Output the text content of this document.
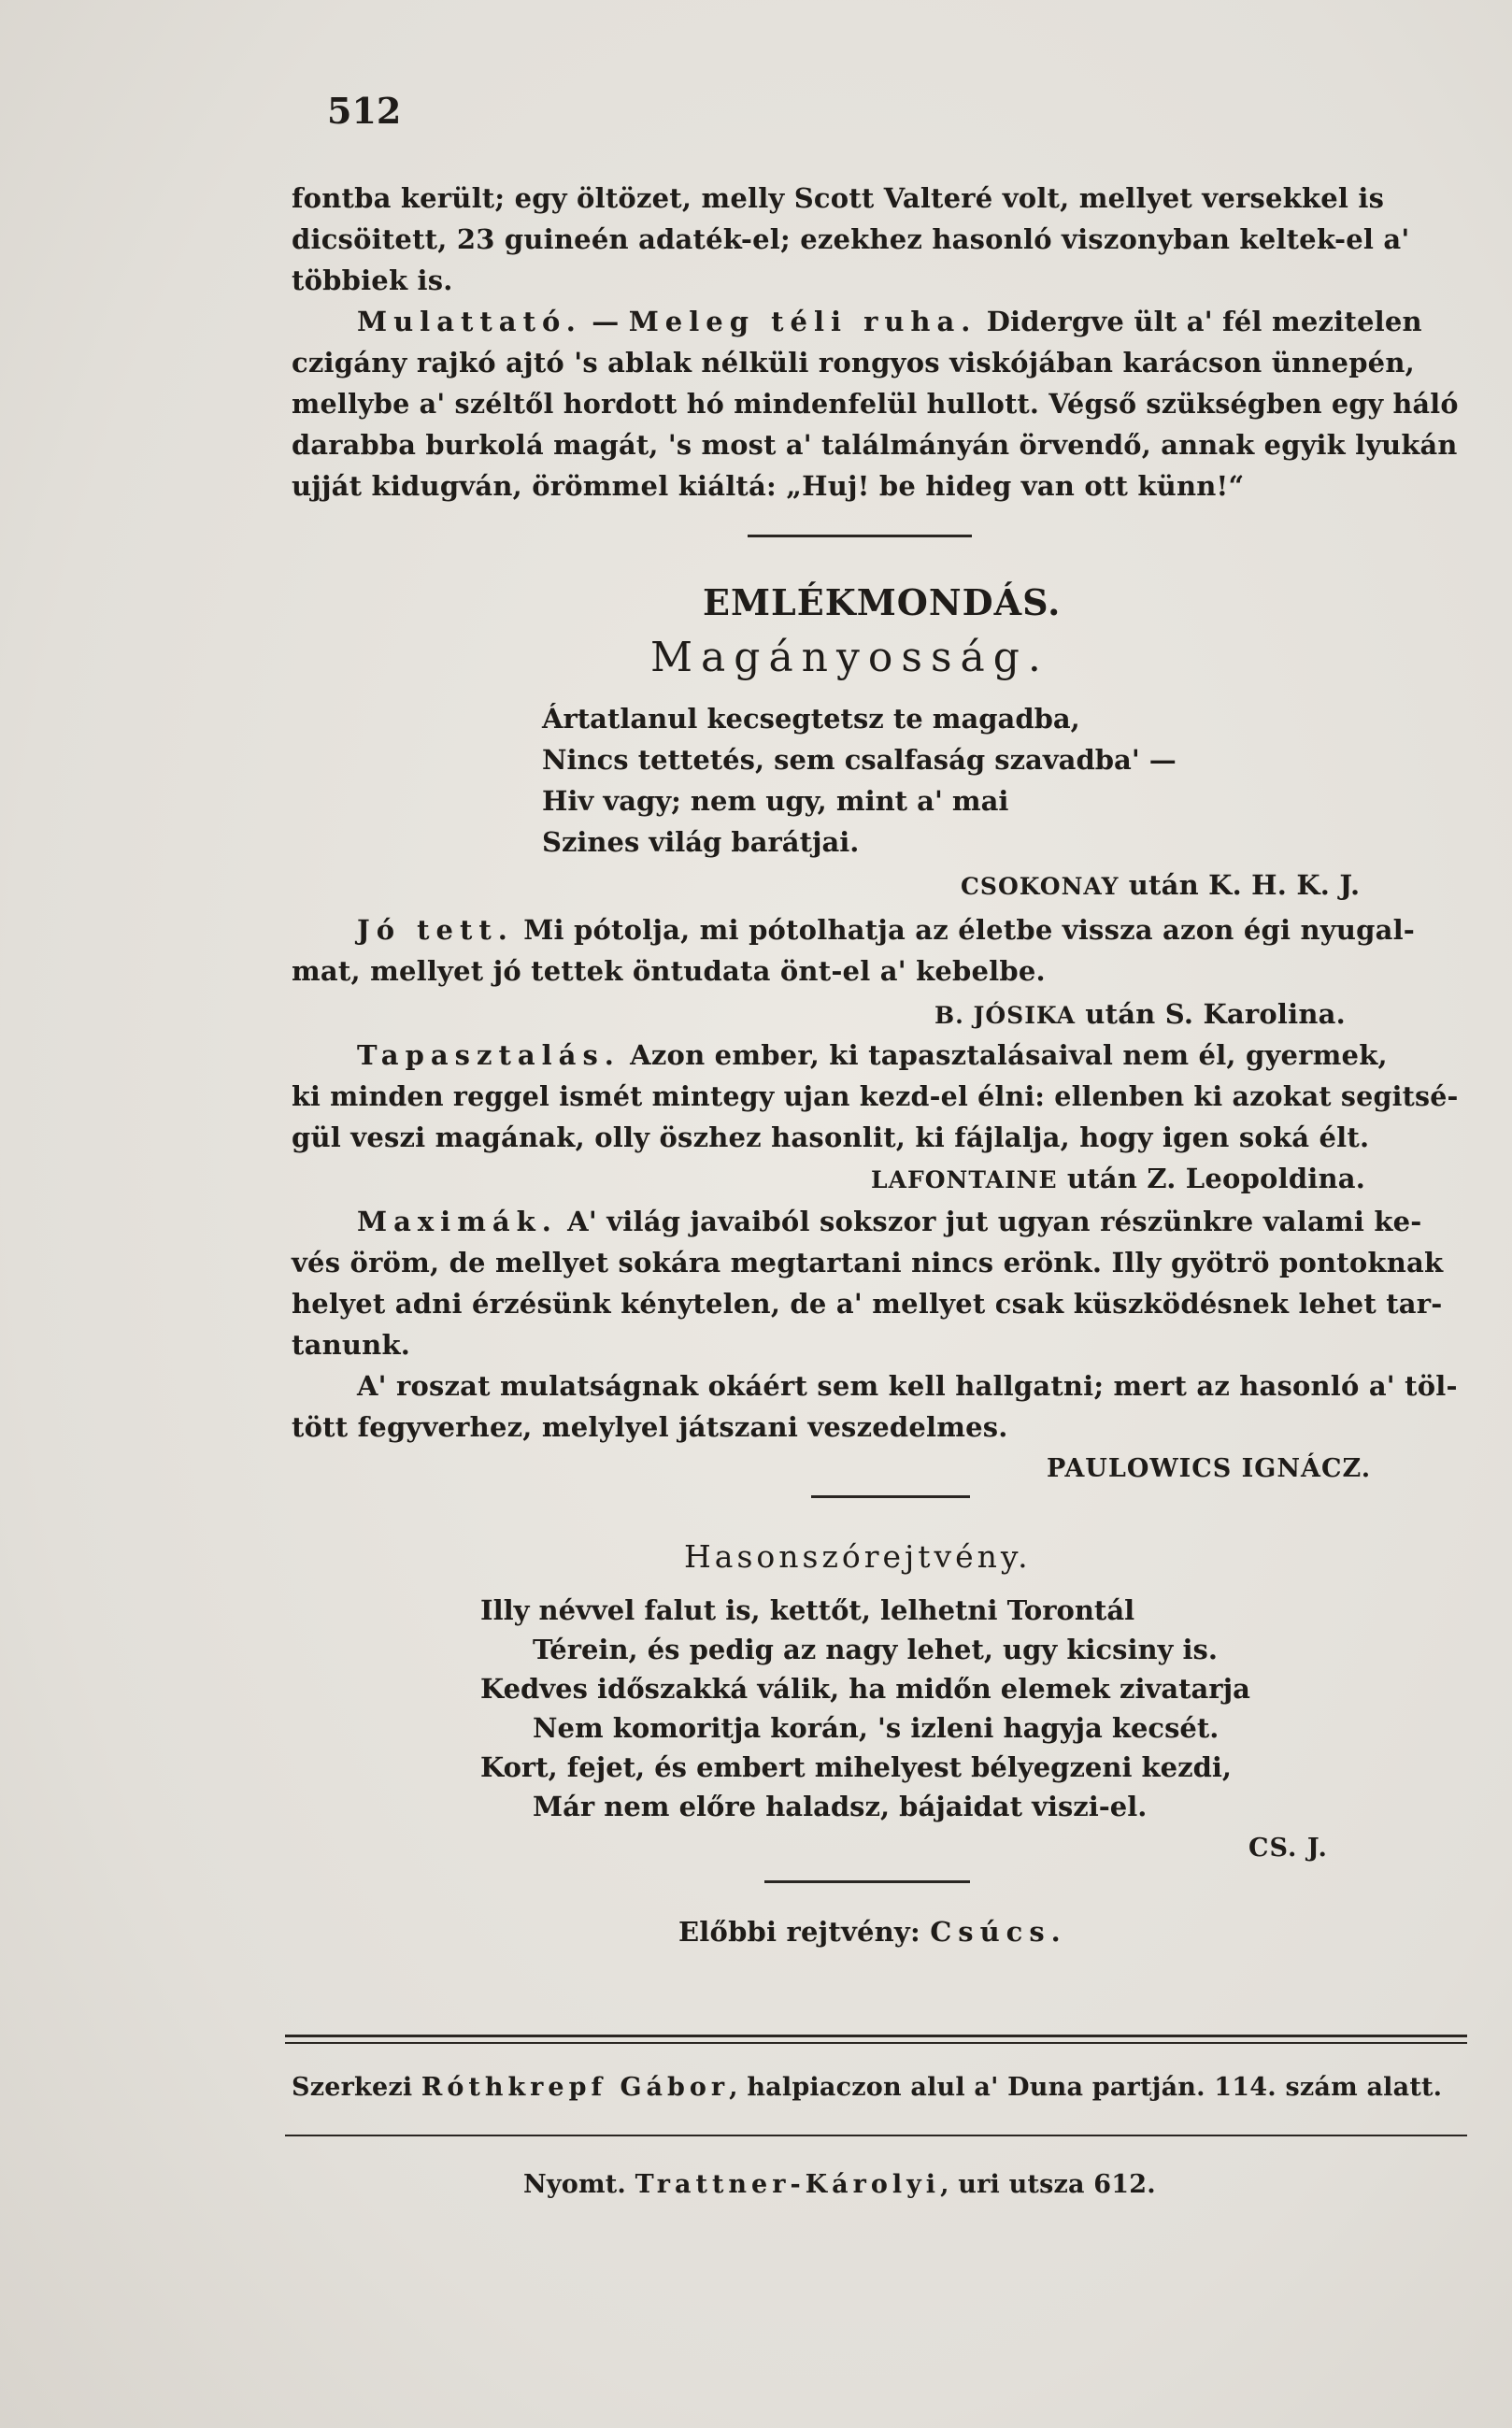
512
fontba került; egy öltözet, melly Scott Valteré volt, mellyet versekkel is
dicsöitett, 23 guineén adaték-el; ezekhez hasonló viszonyban keltek-el a'
többiek is.
Mulattató. — Meleg téli ruha. Didergve ült a' fél mezitelen
czigány rajkó ajtó 's ablak nélküli rongyos viskójában karácson ünnepén,
mellybe a' széltől hordott hó mindenfelül hullott. Végső szükségben egy háló
darabba burkolá magát, 's most a' találmányán örvendő, annak egyik lyukán
ujját kidugván, örömmel kiáltá: „Huj! be hideg van ott künn!“
EMLÉKMONDÁS.
Magányosság.
Ártatlanul kecsegtetsz te magadba,
Nincs tettetés, sem csalfaság szavadba' —
Hiv vagy; nem ugy, mint a' mai
Szines világ barátjai.
CSOKONAY után K. H. K. J.
Jó tett. Mi pótolja, mi pótolhatja az életbe vissza azon égi nyugal-
mat, mellyet jó tettek öntudata önt-el a' kebelbe.
B. JÓSIKA után S. Karolina.
Tapasztalás. Azon ember, ki tapasztalásaival nem él, gyermek,
ki minden reggel ismét mintegy ujan kezd-el élni: ellenben ki azokat segitsé-
gül veszi magának, olly öszhez hasonlit, ki fájlalja, hogy igen soká élt.
LAFONTAINE után Z. Leopoldina.
Maximák. A' világ javaiból sokszor jut ugyan részünkre valami ke-
vés öröm, de mellyet sokára megtartani nincs erönk. Illy gyötrö pontoknak
helyet adni érzésünk kénytelen, de a' mellyet csak küszködésnek lehet tar-
tanunk.
A' roszat mulatságnak okáért sem kell hallgatni; mert az hasonló a' töl-
tött fegyverhez, melylyel játszani veszedelmes.
PAULOWICS IGNÁCZ.
Hasonszórejtvény.
Illy névvel falut is, kettőt, lelhetni Torontál
Térein, és pedig az nagy lehet, ugy kicsiny is.
Kedves időszakká válik, ha midőn elemek zivatarja
Nem komoritja korán, 's izleni hagyja kecsét.
Kort, fejet, és embert mihelyest bélyegzeni kezdi,
Már nem előre haladsz, bájaidat viszi-el.
CS. J.
Előbbi rejtvény: Csúcs.
Szerkezi Róthkrepf Gábor, halpiaczon alul a' Duna partján. 114. szám alatt.
Nyomt. Trattner-Károlyi, uri utsza 612.
